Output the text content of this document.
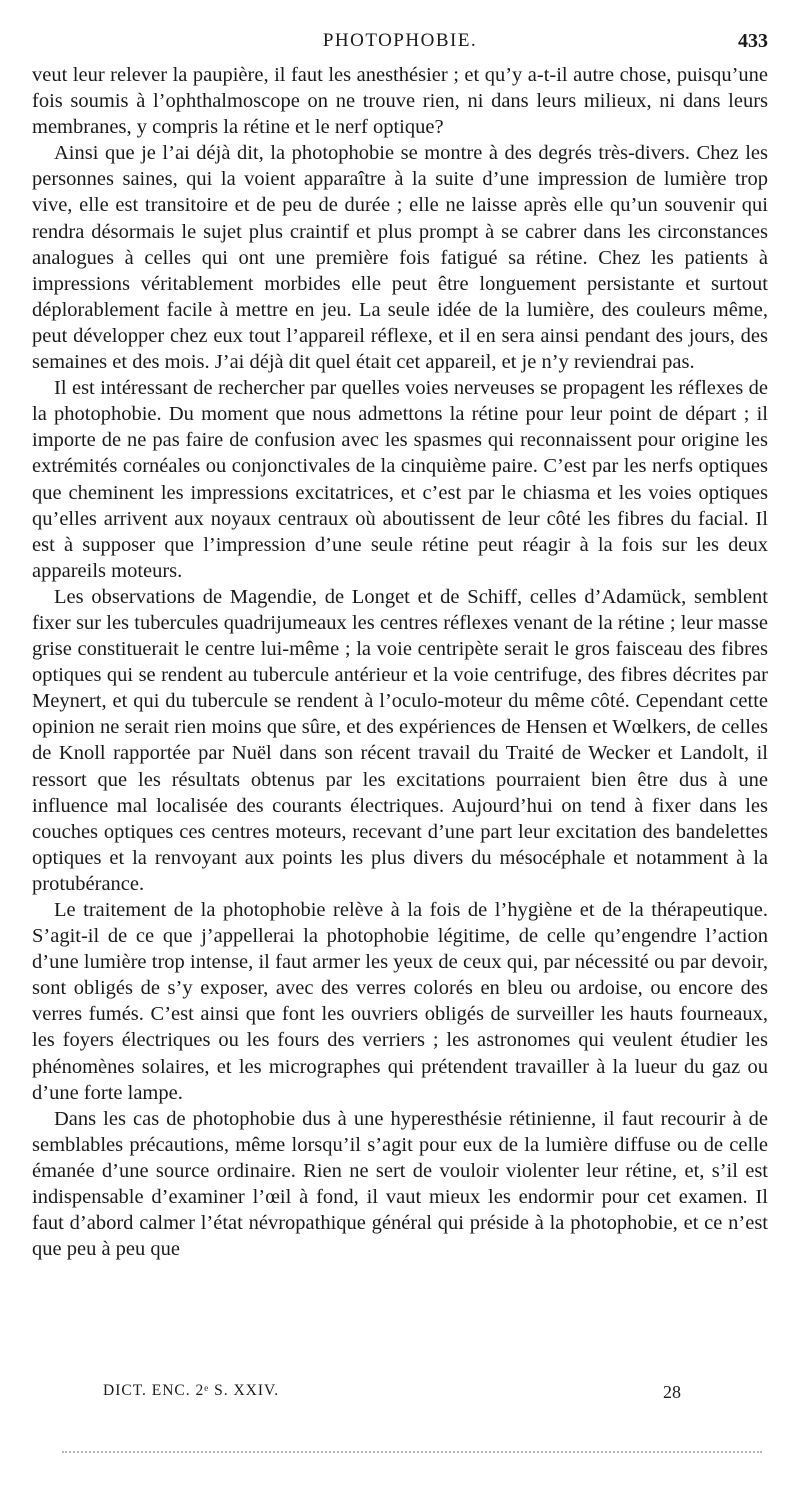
PHOTOPHOBIE.	433

veut leur relever la paupière, il faut les anesthésier ; et qu’y a-t-il autre chose, puisqu’une fois soumis à l’ophthalmoscope on ne trouve rien, ni dans leurs milieux, ni dans leurs membranes, y compris la rétine et le nerf optique?

Ainsi que je l’ai déjà dit, la photophobie se montre à des degrés très-divers. Chez les personnes saines, qui la voient apparaître à la suite d’une impression de lumière trop vive, elle est transitoire et de peu de durée ; elle ne laisse après elle qu’un souvenir qui rendra désormais le sujet plus craintif et plus prompt à se cabrer dans les circonstances analogues à celles qui ont une première fois fatigué sa rétine. Chez les patients à impressions véritablement morbides elle peut être longuement persistante et surtout déplorablement facile à mettre en jeu. La seule idée de la lumière, des couleurs même, peut développer chez eux tout l’appareil réflexe, et il en sera ainsi pendant des jours, des semaines et des mois. J’ai déjà dit quel était cet appareil, et je n’y reviendrai pas.

Il est intéressant de rechercher par quelles voies nerveuses se propagent les réflexes de la photophobie. Du moment que nous admettons la rétine pour leur point de départ ; il importe de ne pas faire de confusion avec les spasmes qui reconnaissent pour origine les extrémités cornéales ou conjonctivales de la cinquième paire. C’est par les nerfs optiques que cheminent les impressions excitatrices, et c’est par le chiasma et les voies optiques qu’elles arrivent aux noyaux centraux où aboutissent de leur côté les fibres du facial. Il est à supposer que l’impression d’une seule rétine peut réagir à la fois sur les deux appareils moteurs.

Les observations de Magendie, de Longet et de Schiff, celles d’Adamück, semblent fixer sur les tubercules quadrijumeaux les centres réflexes venant de la rétine ; leur masse grise constituerait le centre lui-même ; la voie centripète serait le gros faisceau des fibres optiques qui se rendent au tubercule antérieur et la voie centrifuge, des fibres décrites par Meynert, et qui du tubercule se rendent à l’oculo-moteur du même côté. Cependant cette opinion ne serait rien moins que sûre, et des expériences de Hensen et Wœlkers, de celles de Knoll rapportée par Nuël dans son récent travail du Traité de Wecker et Landolt, il ressort que les résultats obtenus par les excitations pourraient bien être dus à une influence mal localisée des courants électriques. Aujourd’hui on tend à fixer dans les couches optiques ces centres moteurs, recevant d’une part leur excitation des bandelettes optiques et la renvoyant aux points les plus divers du mésocéphale et notamment à la protubérance.

Le traitement de la photophobie relève à la fois de l’hygiène et de la thérapeutique. S’agit-il de ce que j’appellerai la photophobie légitime, de celle qu’engendre l’action d’une lumière trop intense, il faut armer les yeux de ceux qui, par nécessité ou par devoir, sont obligés de s’y exposer, avec des verres colorés en bleu ou ardoise, ou encore des verres fumés. C’est ainsi que font les ouvriers obligés de surveiller les hauts fourneaux, les foyers électriques ou les fours des verriers ; les astronomes qui veulent étudier les phénomènes solaires, et les micrographes qui prétendent travailler à la lueur du gaz ou d’une forte lampe.

Dans les cas de photophobie dus à une hyperesthésie rétinienne, il faut recourir à de semblables précautions, même lorsqu’il s’agit pour eux de la lumière diffuse ou de celle émanée d’une source ordinaire. Rien ne sert de vouloir violenter leur rétine, et, s’il est indispensable d’examiner l’œil à fond, il vaut mieux les endormir pour cet examen. Il faut d’abord calmer l’état névropathique général qui préside à la photophobie, et ce n’est que peu à peu que

DICT. ENC. 2ᵉ S. XXIV.	28
